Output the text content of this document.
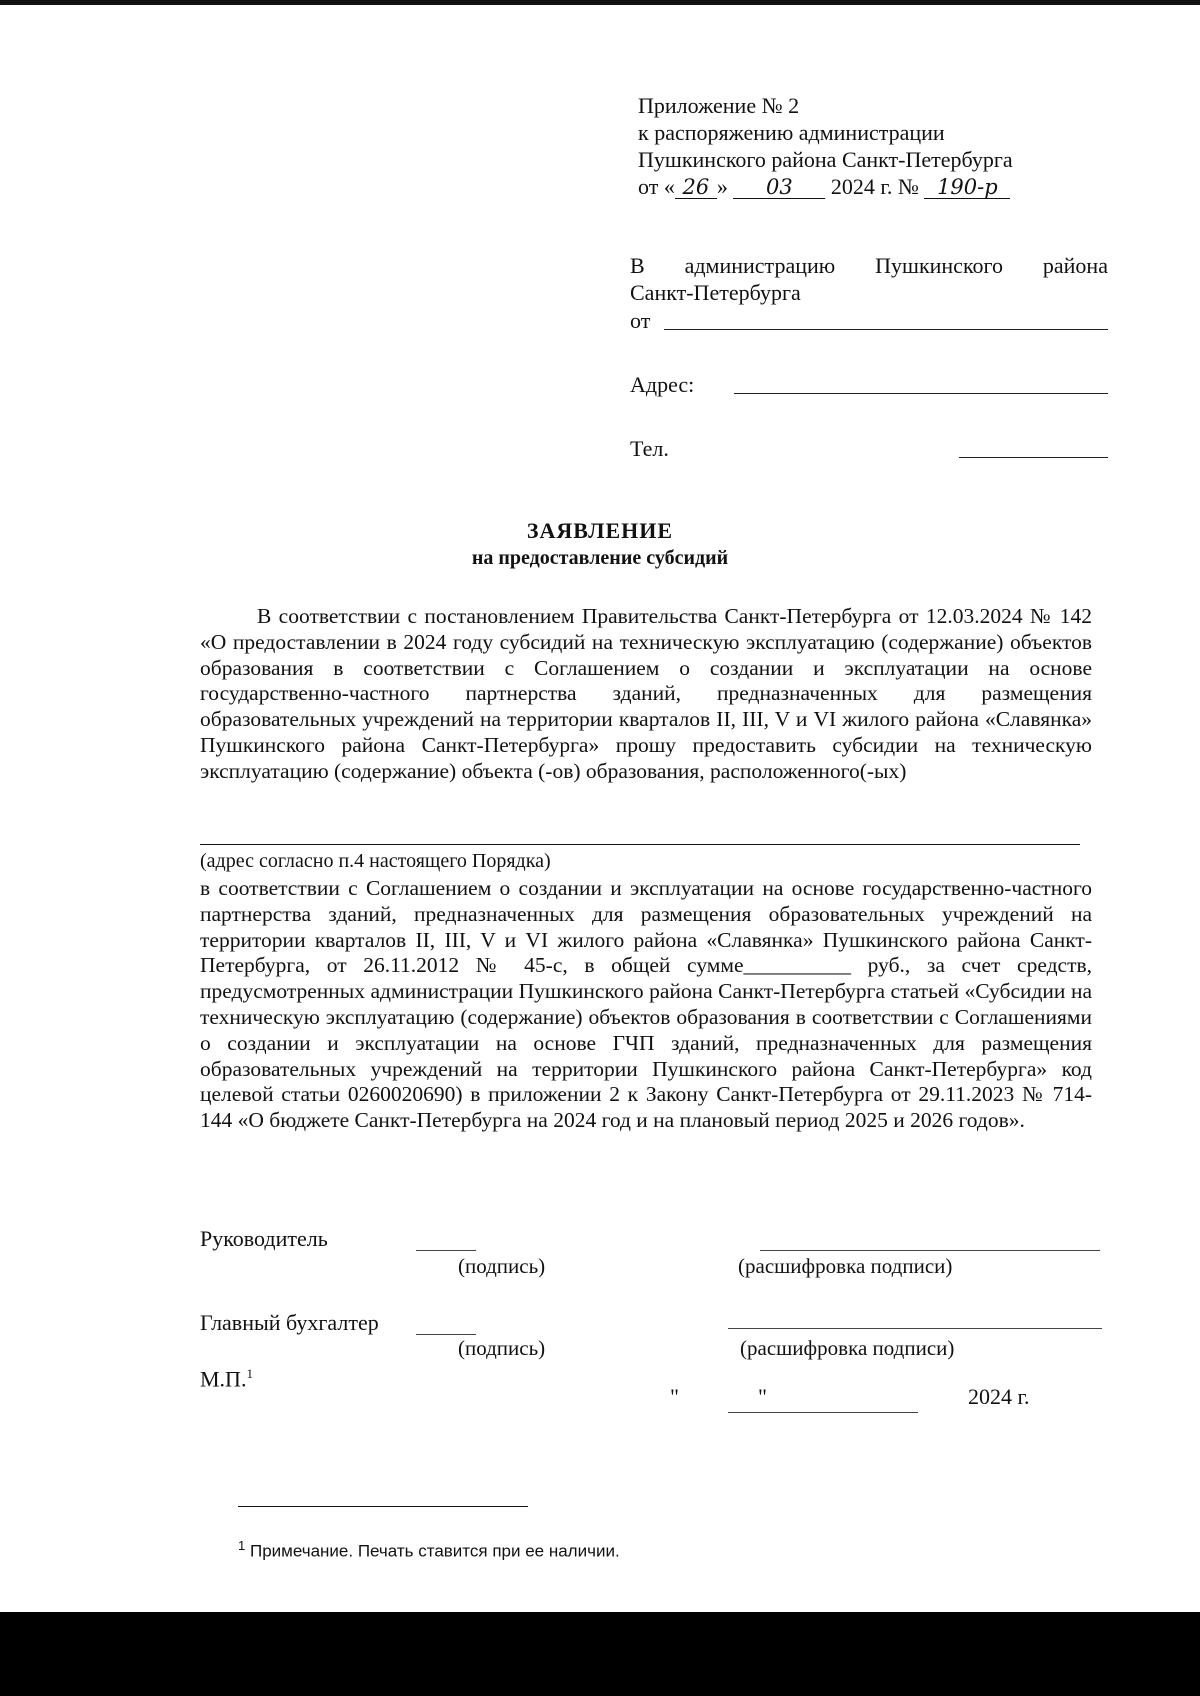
Приложение № 2
к распоряжению администрации
Пушкинского района Санкт-Петербурга
от « 26 » 03 2024 г. № 190-р
В администрацию Пушкинского района
Санкт-Петербурга
от
Адрес:
Тел.
ЗАЯВЛЕНИЕ
на предоставление субсидий
В соответствии с постановлением Правительства Санкт-Петербурга от 12.03.2024 № 142 «О предоставлении в 2024 году субсидий на техническую эксплуатацию (содержание) объектов образования в соответствии с Соглашением о создании и эксплуатации на основе государственно-частного партнерства зданий, предназначенных для размещения образовательных учреждений на территории кварталов II, III, V и VI жилого района «Славянка» Пушкинского района Санкт-Петербурга» прошу предоставить субсидии на техническую эксплуатацию (содержание) объекта (-ов) образования, расположенного(-ых)
(адрес согласно п.4 настоящего Порядка)
в соответствии с Соглашением о создании и эксплуатации на основе государственно-частного партнерства зданий, предназначенных для размещения образовательных учреждений на территории кварталов II, III, V и VI жилого района «Славянка» Пушкинского района Санкт-Петербурга, от 26.11.2012 № 45-с, в общей сумме__________ руб., за счет средств, предусмотренных администрации Пушкинского района Санкт-Петербурга статьей «Субсидии на техническую эксплуатацию (содержание) объектов образования в соответствии с Соглашениями о создании и эксплуатации на основе ГЧП зданий, предназначенных для размещения образовательных учреждений на территории Пушкинского района Санкт-Петербурга» код целевой статьи 0260020690) в приложении 2 к Закону Санкт-Петербурга от 29.11.2023 № 714-144 «О бюджете Санкт-Петербурга на 2024 год и на плановый период 2025 и 2026 годов».
Руководитель
(подпись)	(расшифровка подписи)
Главный бухгалтер
(подпись)	(расшифровка подписи)
М.П.$^1$
"	"	2024 г.
$^1$ Примечание. Печать ставится при ее наличии.
